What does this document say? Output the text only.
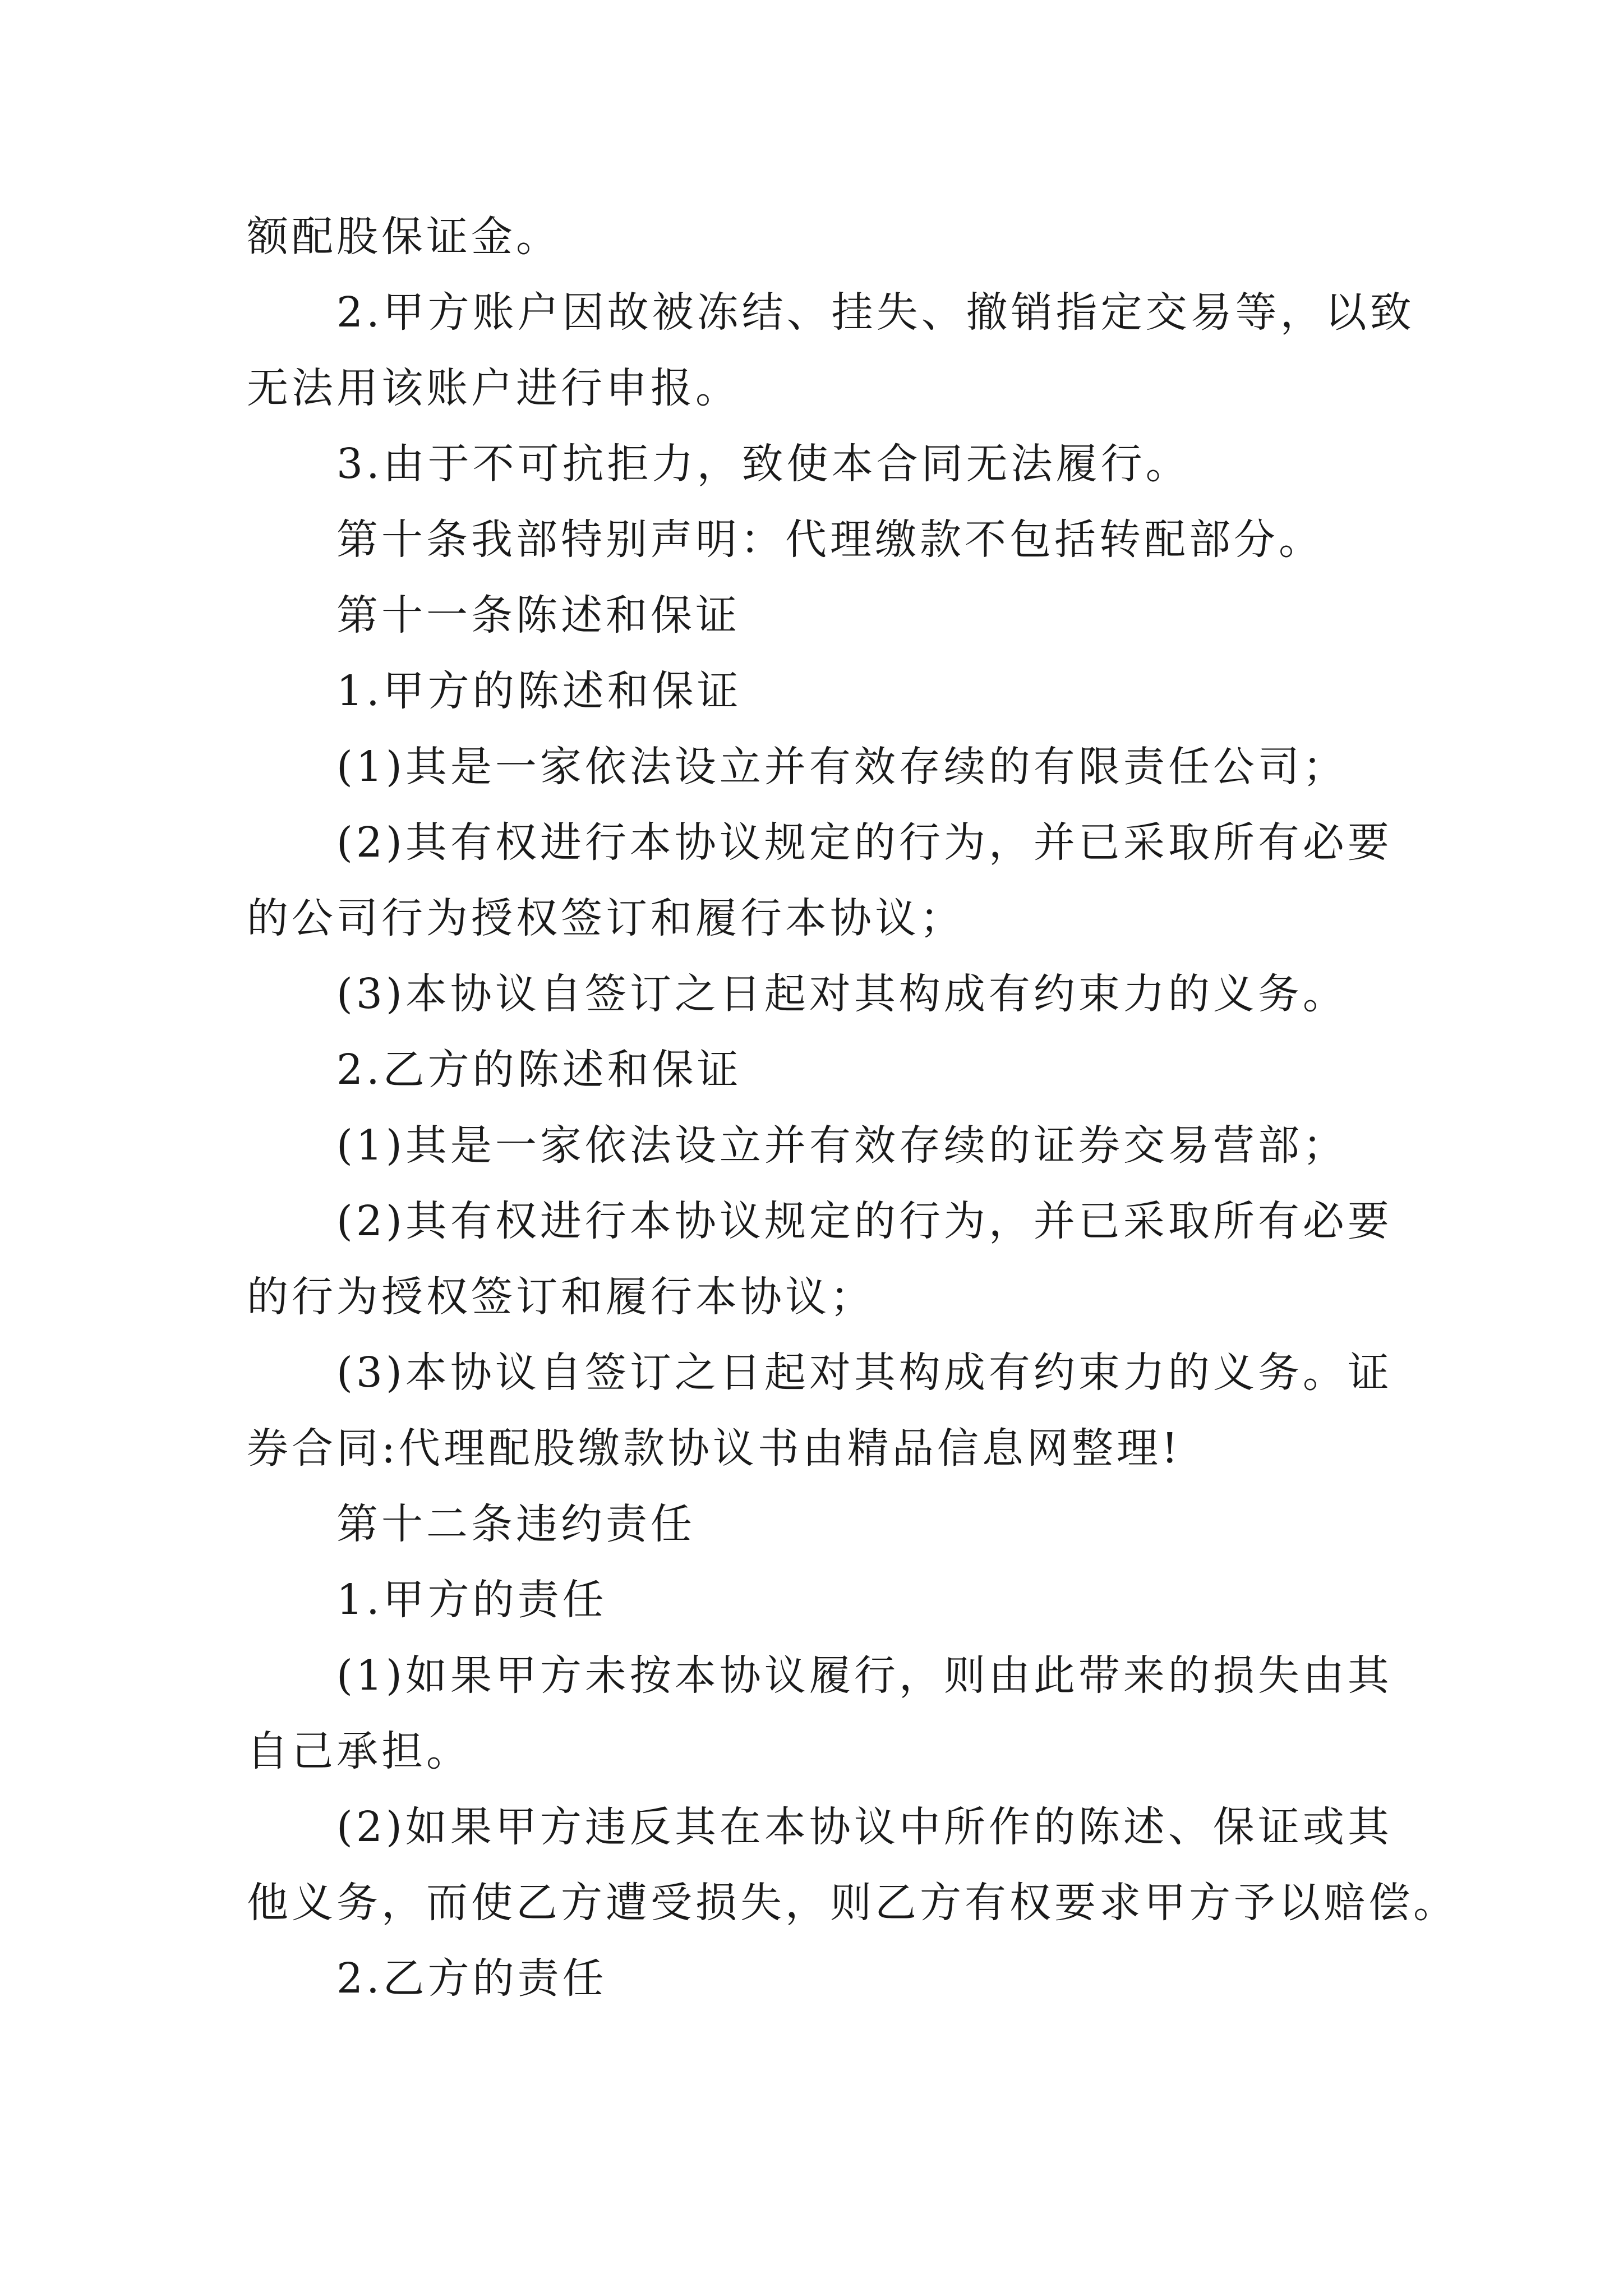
额配股保证金。
2.甲方账户因故被冻结、挂失、撤销指定交易等，以致
无法用该账户进行申报。
3.由于不可抗拒力，致使本合同无法履行。
第十条我部特别声明：代理缴款不包括转配部分。
第十一条陈述和保证
1.甲方的陈述和保证
(1)其是一家依法设立并有效存续的有限责任公司；
(2)其有权进行本协议规定的行为，并已采取所有必要
的公司行为授权签订和履行本协议；
(3)本协议自签订之日起对其构成有约束力的义务。
2.乙方的陈述和保证
(1)其是一家依法设立并有效存续的证券交易营部；
(2)其有权进行本协议规定的行为，并已采取所有必要
的行为授权签订和履行本协议；
(3)本协议自签订之日起对其构成有约束力的义务。证
券合同:代理配股缴款协议书由精品信息网整理!
第十二条违约责任
1.甲方的责任
(1)如果甲方未按本协议履行，则由此带来的损失由其
自己承担。
(2)如果甲方违反其在本协议中所作的陈述、保证或其
他义务，而使乙方遭受损失，则乙方有权要求甲方予以赔偿。
2.乙方的责任
